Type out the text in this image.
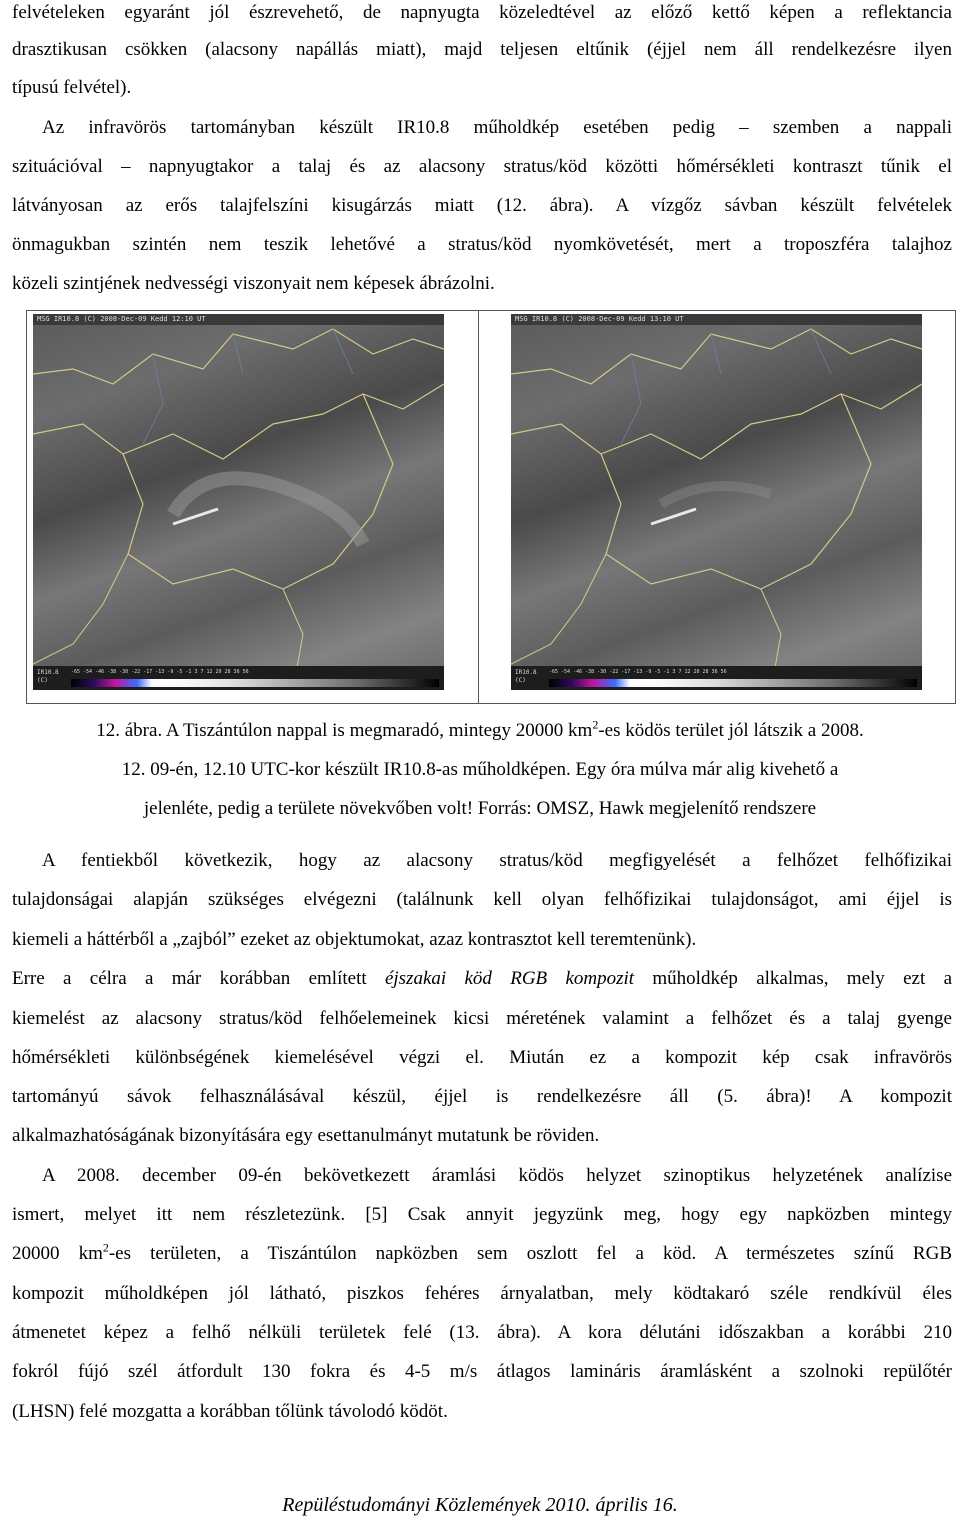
felvételeken egyaránt jól észrevehető, de napnyugta közeledtével az előző kettő képen a reflektancia
drasztikusan csökken (alacsony napállás miatt), majd teljesen eltűnik (éjjel nem áll rendelkezésre ilyen
típusú felvétel).
Az infravörös tartományban készült IR10.8 műholdkép esetében pedig – szemben a nappali
szituációval – napnyugtakor a talaj és az alacsony stratus/köd közötti hőmérsékleti kontraszt tűnik el
látványosan az erős talajfelszíni kisugárzás miatt (12. ábra). A vízgőz sávban készült felvételek
önmagukban szintén nem teszik lehetővé a stratus/köd nyomkövetését, mert a troposzféra talajhoz
közeli szintjének nedvességi viszonyait nem képesek ábrázolni.
MSG IR10.8 (C) 2008-Dec-09 Kedd 12:10 UT
IR10.8 (C)
-65 -54 -46 -38 -30 -22 -17 -13 -9 -5 -1 3 7 12 20 28 36 56
MSG IR10.8 (C) 2008-Dec-09 Kedd 13:10 UT
IR10.8 (C)
-65 -54 -46 -38 -30 -22 -17 -13 -9 -5 -1 3 7 12 20 28 36 56
12. ábra. A Tiszántúlon nappal is megmaradó, mintegy 20000 $km^2-es$ ködös terület jól látszik a 2008.
12. 09-én, 12.10 UTC-kor készült IR10.8-as műholdképen. Egy óra múlva már alig kivehető a
jelenléte, pedig a területe növekvőben volt! Forrás: OMSZ, Hawk megjelenítő rendszere
A fentiekből következik, hogy az alacsony stratus/köd megfigyelését a felhőzet felhőfizikai
tulajdonságai alapján szükséges elvégezni (találnunk kell olyan felhőfizikai tulajdonságot, ami éjjel is
kiemeli a háttérből a „zajból” ezeket az objektumokat, azaz kontrasztot kell teremtenünk).
Erre a célra a már korábban említett éjszakai köd RGB kompozit műholdkép alkalmas, mely ezt a
kiemelést az alacsony stratus/köd felhőelemeinek kicsi méretének valamint a felhőzet és a talaj gyenge
hőmérsékleti különbségének kiemelésével végzi el. Miután ez a kompozit kép csak infravörös
tartományú sávok felhasználásával készül, éjjel is rendelkezésre áll (5. ábra)! A kompozit
alkalmazhatóságának bizonyítására egy esettanulmányt mutatunk be röviden.
A 2008. december 09-én bekövetkezett áramlási ködös helyzet szinoptikus helyzetének analízise
ismert, melyet itt nem részletezünk. [5] Csak annyit jegyzünk meg, hogy egy napközben mintegy
20000 $km^2-es$ területen, a Tiszántúlon napközben sem oszlott fel a köd. A természetes színű RGB
kompozit műholdképen jól látható, piszkos fehéres árnyalatban, mely ködtakaró széle rendkívül éles
átmenetet képez a felhő nélküli területek felé (13. ábra). A kora délutáni időszakban a korábbi 210
fokról fújó szél átfordult 130 fokra és 4-5 m/s átlagos lamináris áramlásként a szolnoki repülőtér
(LHSN) felé mozgatta a korábban tőlünk távolodó ködöt.
Repüléstudományi Közlemények 2010. április 16.
